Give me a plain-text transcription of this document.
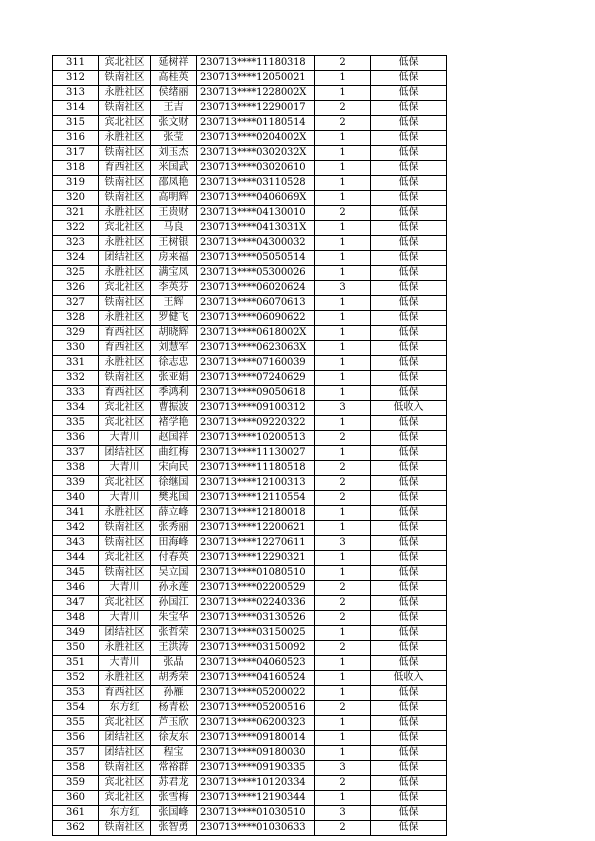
311	宾北社区	延树祥	230713****11180318	2	低保
312	铁南社区	高桂英	230713****12050021	1	低保
313	永胜社区	侯绪丽	230713****1228002X	1	低保
314	铁南社区	王吉	230713****12290017	2	低保
315	宾北社区	张文财	230713****01180514	2	低保
316	永胜社区	张莹	230713****0204002X	1	低保
317	铁南社区	刘玉杰	230713****0302032X	1	低保
318	育西社区	米国武	230713****03020610	1	低保
319	铁南社区	邵凤艳	230713****03110528	1	低保
320	铁南社区	高明辉	230713****0406069X	1	低保
321	永胜社区	王贵财	230713****04130010	2	低保
322	宾北社区	马良	230713****0413031X	1	低保
323	永胜社区	王树银	230713****04300032	1	低保
324	团结社区	房来福	230713****05050514	1	低保
325	永胜社区	满宝凤	230713****05300026	1	低保
326	宾北社区	李英芬	230713****06020624	3	低保
327	铁南社区	王辉	230713****06070613	1	低保
328	永胜社区	罗健飞	230713****06090622	1	低保
329	育西社区	胡晓辉	230713****0618002X	1	低保
330	育西社区	刘慧军	230713****0623063X	1	低保
331	永胜社区	徐志忠	230713****07160039	1	低保
332	铁南社区	张亚娟	230713****07240629	1	低保
333	育西社区	季鸿利	230713****09050618	1	低保
334	宾北社区	曹振波	230713****09100312	3	低收入
335	宾北社区	褚学艳	230713****09220322	1	低保
336	大青川	赵国祥	230713****10200513	2	低保
337	团结社区	曲红梅	230713****11130027	1	低保
338	大青川	宋向民	230713****11180518	2	低保
339	宾北社区	徐继国	230713****12100313	2	低保
340	大青川	樊兆国	230713****12110554	2	低保
341	永胜社区	薛立峰	230713****12180018	1	低保
342	铁南社区	张秀丽	230713****12200621	1	低保
343	铁南社区	田海峰	230713****12270611	3	低保
344	宾北社区	付春英	230713****12290321	1	低保
345	铁南社区	吴立国	230713****01080510	1	低保
346	大青川	孙永莲	230713****02200529	2	低保
347	宾北社区	孙国江	230713****02240336	2	低保
348	大青川	朱宝华	230713****03130526	2	低保
349	团结社区	张哲荣	230713****03150025	1	低保
350	永胜社区	王洪涛	230713****03150092	2	低保
351	大青川	张晶	230713****04060523	1	低保
352	永胜社区	胡秀荣	230713****04160524	1	低收入
353	育西社区	孙雁	230713****05200022	1	低保
354	东方红	杨青松	230713****05200516	2	低保
355	宾北社区	芦玉欣	230713****06200323	1	低保
356	团结社区	徐友东	230713****09180014	1	低保
357	团结社区	程宝	230713****09180030	1	低保
358	铁南社区	常裕群	230713****09190335	3	低保
359	宾北社区	苏君龙	230713****10120334	2	低保
360	宾北社区	张雪梅	230713****12190344	1	低保
361	东方红	张国峰	230713****01030510	3	低保
362	铁南社区	张智勇	230713****01030633	2	低保
